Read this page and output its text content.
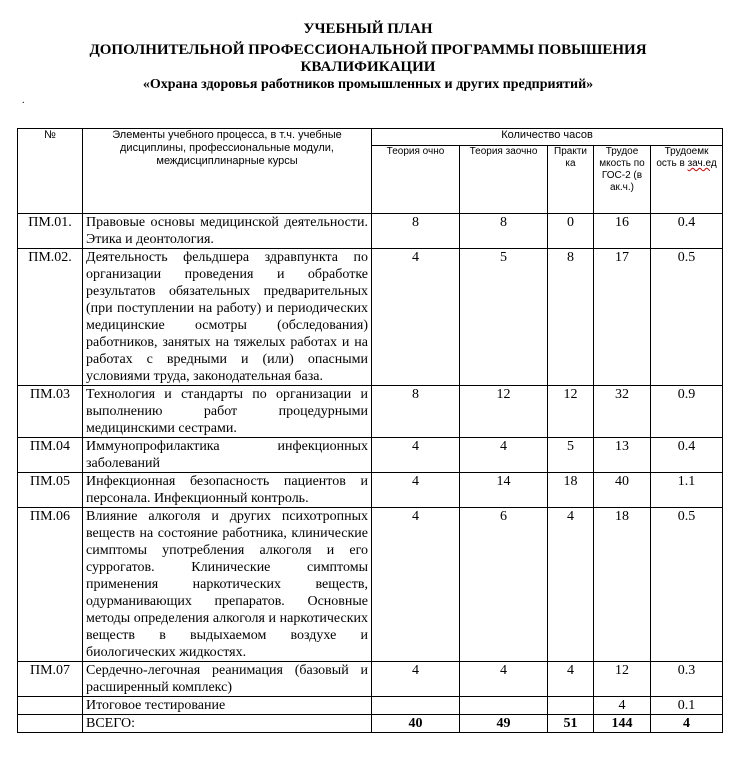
УЧЕБНЫЙ ПЛАН
ДОПОЛНИТЕЛЬНОЙ ПРОФЕССИОНАЛЬНОЙ ПРОГРАММЫ ПОВЫШЕНИЯ КВАЛИФИКАЦИИ
«Охрана здоровья работников промышленных и других предприятий»
.
№	Элементы учебного процесса, в т.ч. учебные дисциплины, профессиональные модули, междисциплинарные курсы	Количество часов				
		Теория очно	Теория заочно	Практи ка	Трудое мкость по ГОС-2 (в ак.ч.)	Трудоемк ость в зач.ед
ПМ.01.	Правовые основы медицинской деятельности. Этика и деонтология.	8	8	0	16	0.4
ПМ.02.	Деятельность фельдшера здравпункта по организации проведения и обработке результатов обязательных предварительных (при поступлении на работу) и периодических медицинские осмотры (обследования) работников, занятых на тяжелых работах и на работах с вредными и (или) опасными условиями труда, законодательная база.	4	5	8	17	0.5
ПМ.03	Технология и стандарты по организации и выполнению работ процедурными медицинскими сестрами.	8	12	12	32	0.9
ПМ.04	Иммунопрофилактика инфекционных заболеваний	4	4	5	13	0.4
ПМ.05	Инфекционная безопасность пациентов и персонала. Инфекционный контроль.	4	14	18	40	1.1
ПМ.06	Влияние алкоголя и других психотропных веществ на состояние работника, клинические симптомы употребления алкоголя и его суррогатов. Клинические симптомы применения наркотических веществ, одурманивающих препаратов. Основные методы определения алкоголя и наркотических веществ в выдыхаемом воздухе и биологических жидкостях.	4	6	4	18	0.5
ПМ.07	Сердечно-легочная реанимация (базовый и расширенный комплекс)	4	4	4	12	0.3
	Итоговое тестирование				4	0.1
	ВСЕГО:	40	49	51	144	4
